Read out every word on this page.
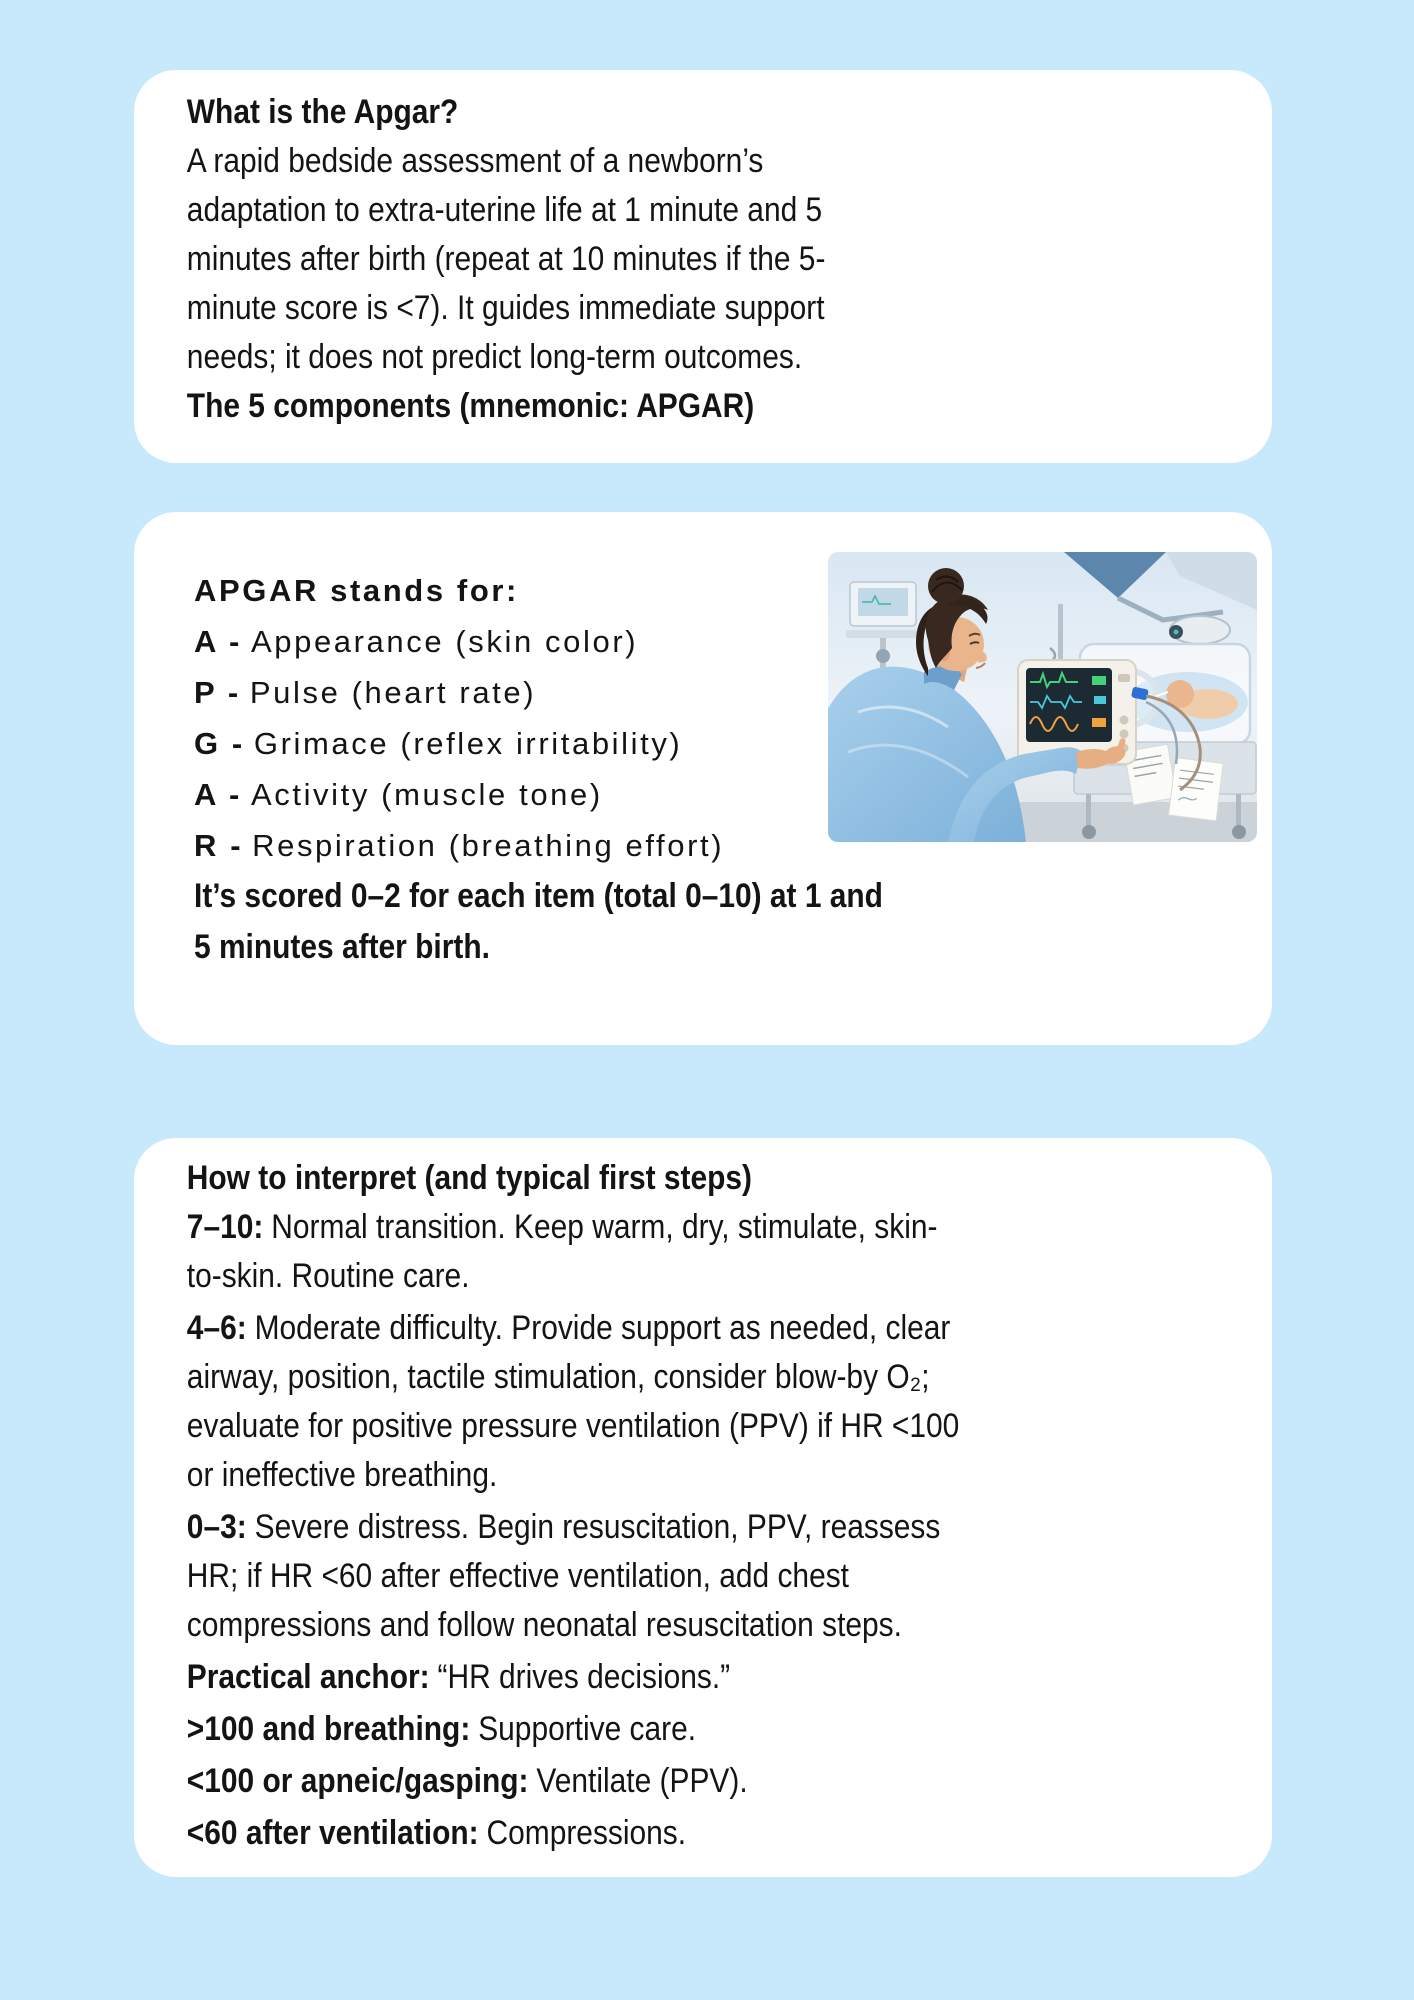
What is the Apgar?

A rapid bedside assessment of a newborn’s adaptation to extra-uterine life at 1 minute and 5 minutes after birth (repeat at 10 minutes if the 5-minute score is <7). It guides immediate support needs; it does not predict long-term outcomes.

The 5 components (mnemonic: APGAR)

APGAR stands for:
A - Appearance (skin color)
P - Pulse (heart rate)
G - Grimace (reflex irritability)
A - Activity (muscle tone)
R - Respiration (breathing effort)

It’s scored 0–2 for each item (total 0–10) at 1 and 5 minutes after birth.

How to interpret (and typical first steps)

7–10: Normal transition. Keep warm, dry, stimulate, skin-to-skin. Routine care.

4–6: Moderate difficulty. Provide support as needed, clear airway, position, tactile stimulation, consider blow-by O₂; evaluate for positive pressure ventilation (PPV) if HR <100 or ineffective breathing.

0–3: Severe distress. Begin resuscitation, PPV, reassess HR; if HR <60 after effective ventilation, add chest compressions and follow neonatal resuscitation steps.

Practical anchor: “HR drives decisions.”

>100 and breathing: Supportive care.

<100 or apneic/gasping: Ventilate (PPV).

<60 after ventilation: Compressions.
